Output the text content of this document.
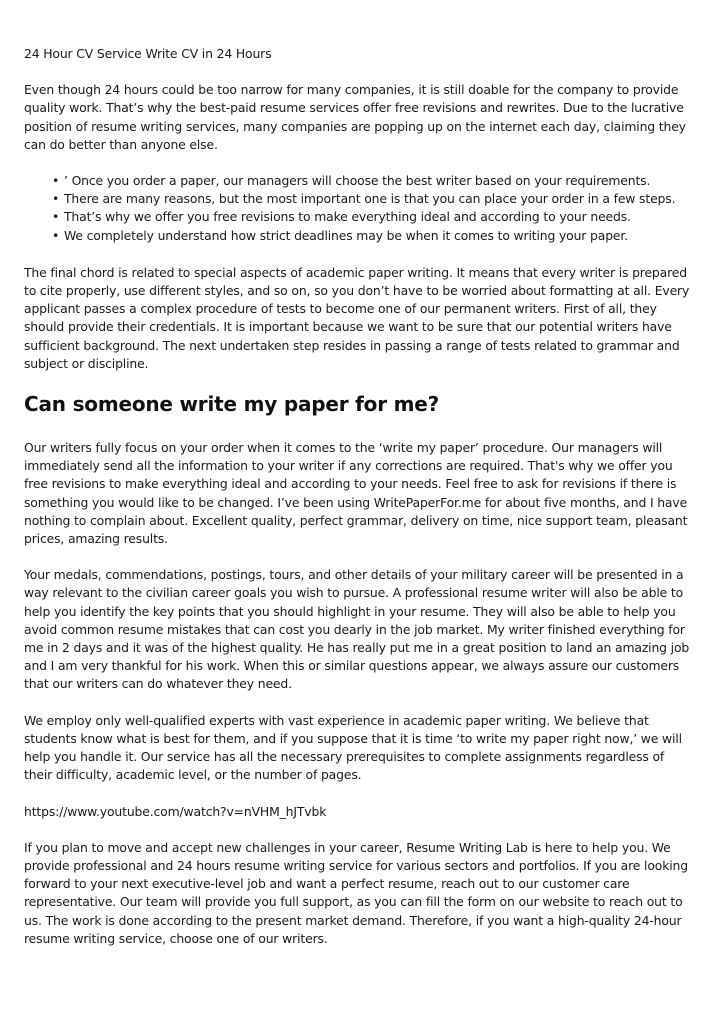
24 Hour CV Service Write CV in 24 Hours

Even though 24 hours could be too narrow for many companies, it is still doable for the company to provide quality work. That’s why the best-paid resume services offer free revisions and rewrites. Due to the lucrative position of resume writing services, many companies are popping up on the internet each day, claiming they can do better than anyone else.

• ’ Once you order a paper, our managers will choose the best writer based on your requirements.
• There are many reasons, but the most important one is that you can place your order in a few steps.
• That’s why we offer you free revisions to make everything ideal and according to your needs.
• We completely understand how strict deadlines may be when it comes to writing your paper.

The final chord is related to special aspects of academic paper writing. It means that every writer is prepared to cite properly, use different styles, and so on, so you don’t have to be worried about formatting at all. Every applicant passes a complex procedure of tests to become one of our permanent writers. First of all, they should provide their credentials. It is important because we want to be sure that our potential writers have sufficient background. The next undertaken step resides in passing a range of tests related to grammar and subject or discipline.

Can someone write my paper for me?

Our writers fully focus on your order when it comes to the ‘write my paper’ procedure. Our managers will immediately send all the information to your writer if any corrections are required. That's why we offer you free revisions to make everything ideal and according to your needs. Feel free to ask for revisions if there is something you would like to be changed. I’ve been using WritePaperFor.me for about five months, and I have nothing to complain about. Excellent quality, perfect grammar, delivery on time, nice support team, pleasant prices, amazing results.

Your medals, commendations, postings, tours, and other details of your military career will be presented in a way relevant to the civilian career goals you wish to pursue. A professional resume writer will also be able to help you identify the key points that you should highlight in your resume. They will also be able to help you avoid common resume mistakes that can cost you dearly in the job market. My writer finished everything for me in 2 days and it was of the highest quality. He has really put me in a great position to land an amazing job and I am very thankful for his work. When this or similar questions appear, we always assure our customers that our writers can do whatever they need.

We employ only well-qualified experts with vast experience in academic paper writing. We believe that students know what is best for them, and if you suppose that it is time ‘to write my paper right now,’ we will help you handle it. Our service has all the necessary prerequisites to complete assignments regardless of their difficulty, academic level, or the number of pages.

https://www.youtube.com/watch?v=nVHM_hJTvbk

If you plan to move and accept new challenges in your career, Resume Writing Lab is here to help you. We provide professional and 24 hours resume writing service for various sectors and portfolios. If you are looking forward to your next executive-level job and want a perfect resume, reach out to our customer care representative. Our team will provide you full support, as you can fill the form on our website to reach out to us. The work is done according to the present market demand. Therefore, if you want a high-quality 24-hour resume writing service, choose one of our writers.
